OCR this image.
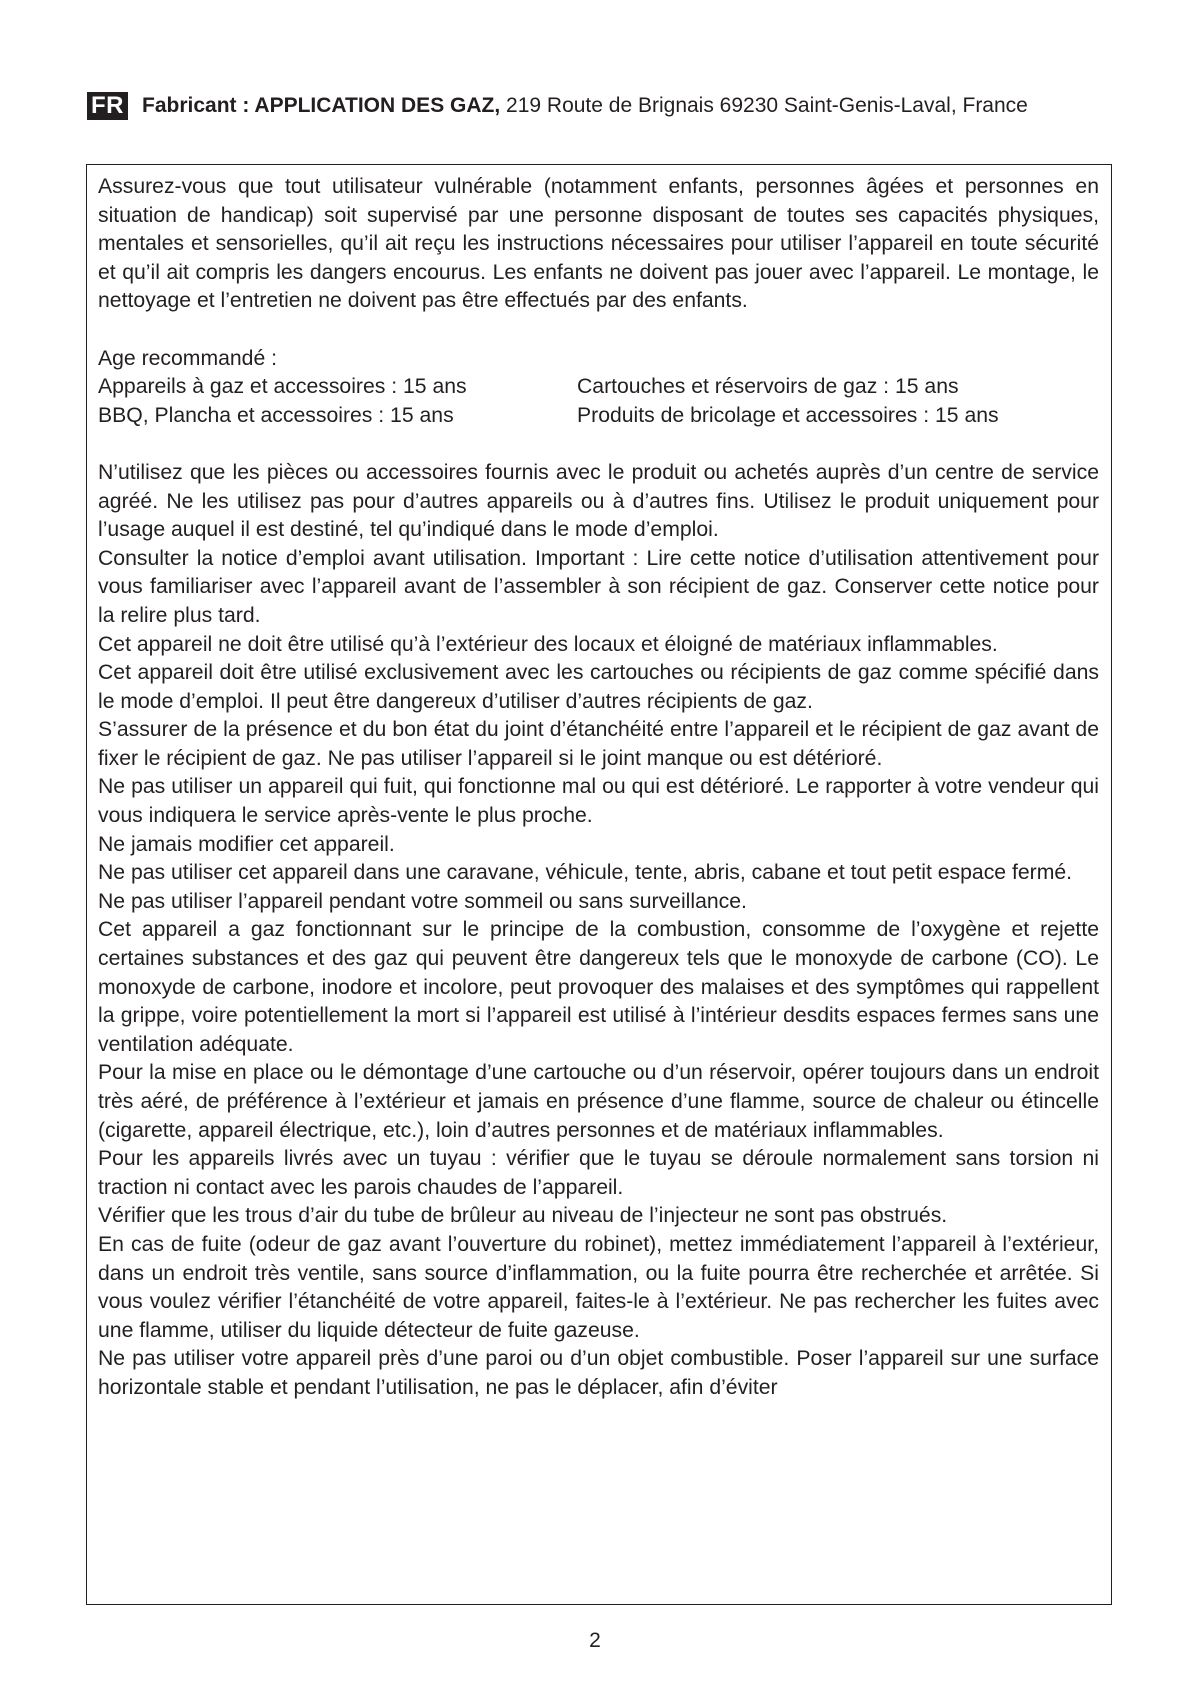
FR Fabricant : APPLICATION DES GAZ, 219 Route de Brignais 69230 Saint-Genis-Laval, France

Assurez-vous que tout utilisateur vulnérable (notamment enfants, personnes âgées et personnes en situation de handicap) soit supervisé par une personne disposant de toutes ses capacités physiques, mentales et sensorielles, qu’il ait reçu les instructions nécessaires pour utiliser l’appareil en toute sécurité et qu’il ait compris les dangers encourus. Les enfants ne doivent pas jouer avec l’appareil. Le montage, le nettoyage et l’entretien ne doivent pas être effectués par des enfants.

Age recommandé :
Appareils à gaz et accessoires : 15 ans	Cartouches et réservoirs de gaz : 15 ans
BBQ, Plancha et accessoires : 15 ans	Produits de bricolage et accessoires : 15 ans

N’utilisez que les pièces ou accessoires fournis avec le produit ou achetés auprès d’un centre de service agréé. Ne les utilisez pas pour d’autres appareils ou à d’autres fins. Utilisez le produit uniquement pour l’usage auquel il est destiné, tel qu’indiqué dans le mode d’emploi.

Consulter la notice d’emploi avant utilisation. Important : Lire cette notice d’utilisation attentivement pour vous familiariser avec l’appareil avant de l’assembler à son récipient de gaz. Conserver cette notice pour la relire plus tard.

Cet appareil ne doit être utilisé qu’à l’extérieur des locaux et éloigné de matériaux inflammables.

Cet appareil doit être utilisé exclusivement avec les cartouches ou récipients de gaz comme spécifié dans le mode d’emploi. Il peut être dangereux d’utiliser d’autres récipients de gaz.

S’assurer de la présence et du bon état du joint d’étanchéité entre l’appareil et le récipient de gaz avant de fixer le récipient de gaz. Ne pas utiliser l’appareil si le joint manque ou est détérioré.

Ne pas utiliser un appareil qui fuit, qui fonctionne mal ou qui est détérioré. Le rapporter à votre vendeur qui vous indiquera le service après-vente le plus proche.

Ne jamais modifier cet appareil.

Ne pas utiliser cet appareil dans une caravane, véhicule, tente, abris, cabane et tout petit espace fermé.

Ne pas utiliser l’appareil pendant votre sommeil ou sans surveillance.

Cet appareil a gaz fonctionnant sur le principe de la combustion, consomme de l’oxygène et rejette certaines substances et des gaz qui peuvent être dangereux tels que le monoxyde de carbone (CO). Le monoxyde de carbone, inodore et incolore, peut provoquer des malaises et des symptômes qui rappellent la grippe, voire potentiellement la mort si l’appareil est utilisé à l’intérieur desdits espaces fermes sans une ventilation adéquate.

Pour la mise en place ou le démontage d’une cartouche ou d’un réservoir, opérer toujours dans un endroit très aéré, de préférence à l’extérieur et jamais en présence d’une flamme, source de chaleur ou étincelle (cigarette, appareil électrique, etc.), loin d’autres personnes et de matériaux inflammables.

Pour les appareils livrés avec un tuyau : vérifier que le tuyau se déroule normalement sans torsion ni traction ni contact avec les parois chaudes de l’appareil.

Vérifier que les trous d’air du tube de brûleur au niveau de l’injecteur ne sont pas obstrués.

En cas de fuite (odeur de gaz avant l’ouverture du robinet), mettez immédiatement l’appareil à l’extérieur, dans un endroit très ventile, sans source d’inflammation, ou la fuite pourra être recherchée et arrêtée. Si vous voulez vérifier l’étanchéité de votre appareil, faites-le à l’extérieur. Ne pas rechercher les fuites avec une flamme, utiliser du liquide détecteur de fuite gazeuse.

Ne pas utiliser votre appareil près d’une paroi ou d’un objet combustible. Poser l’appareil sur une surface horizontale stable et pendant l’utilisation, ne pas le déplacer, afin d’éviter

2
